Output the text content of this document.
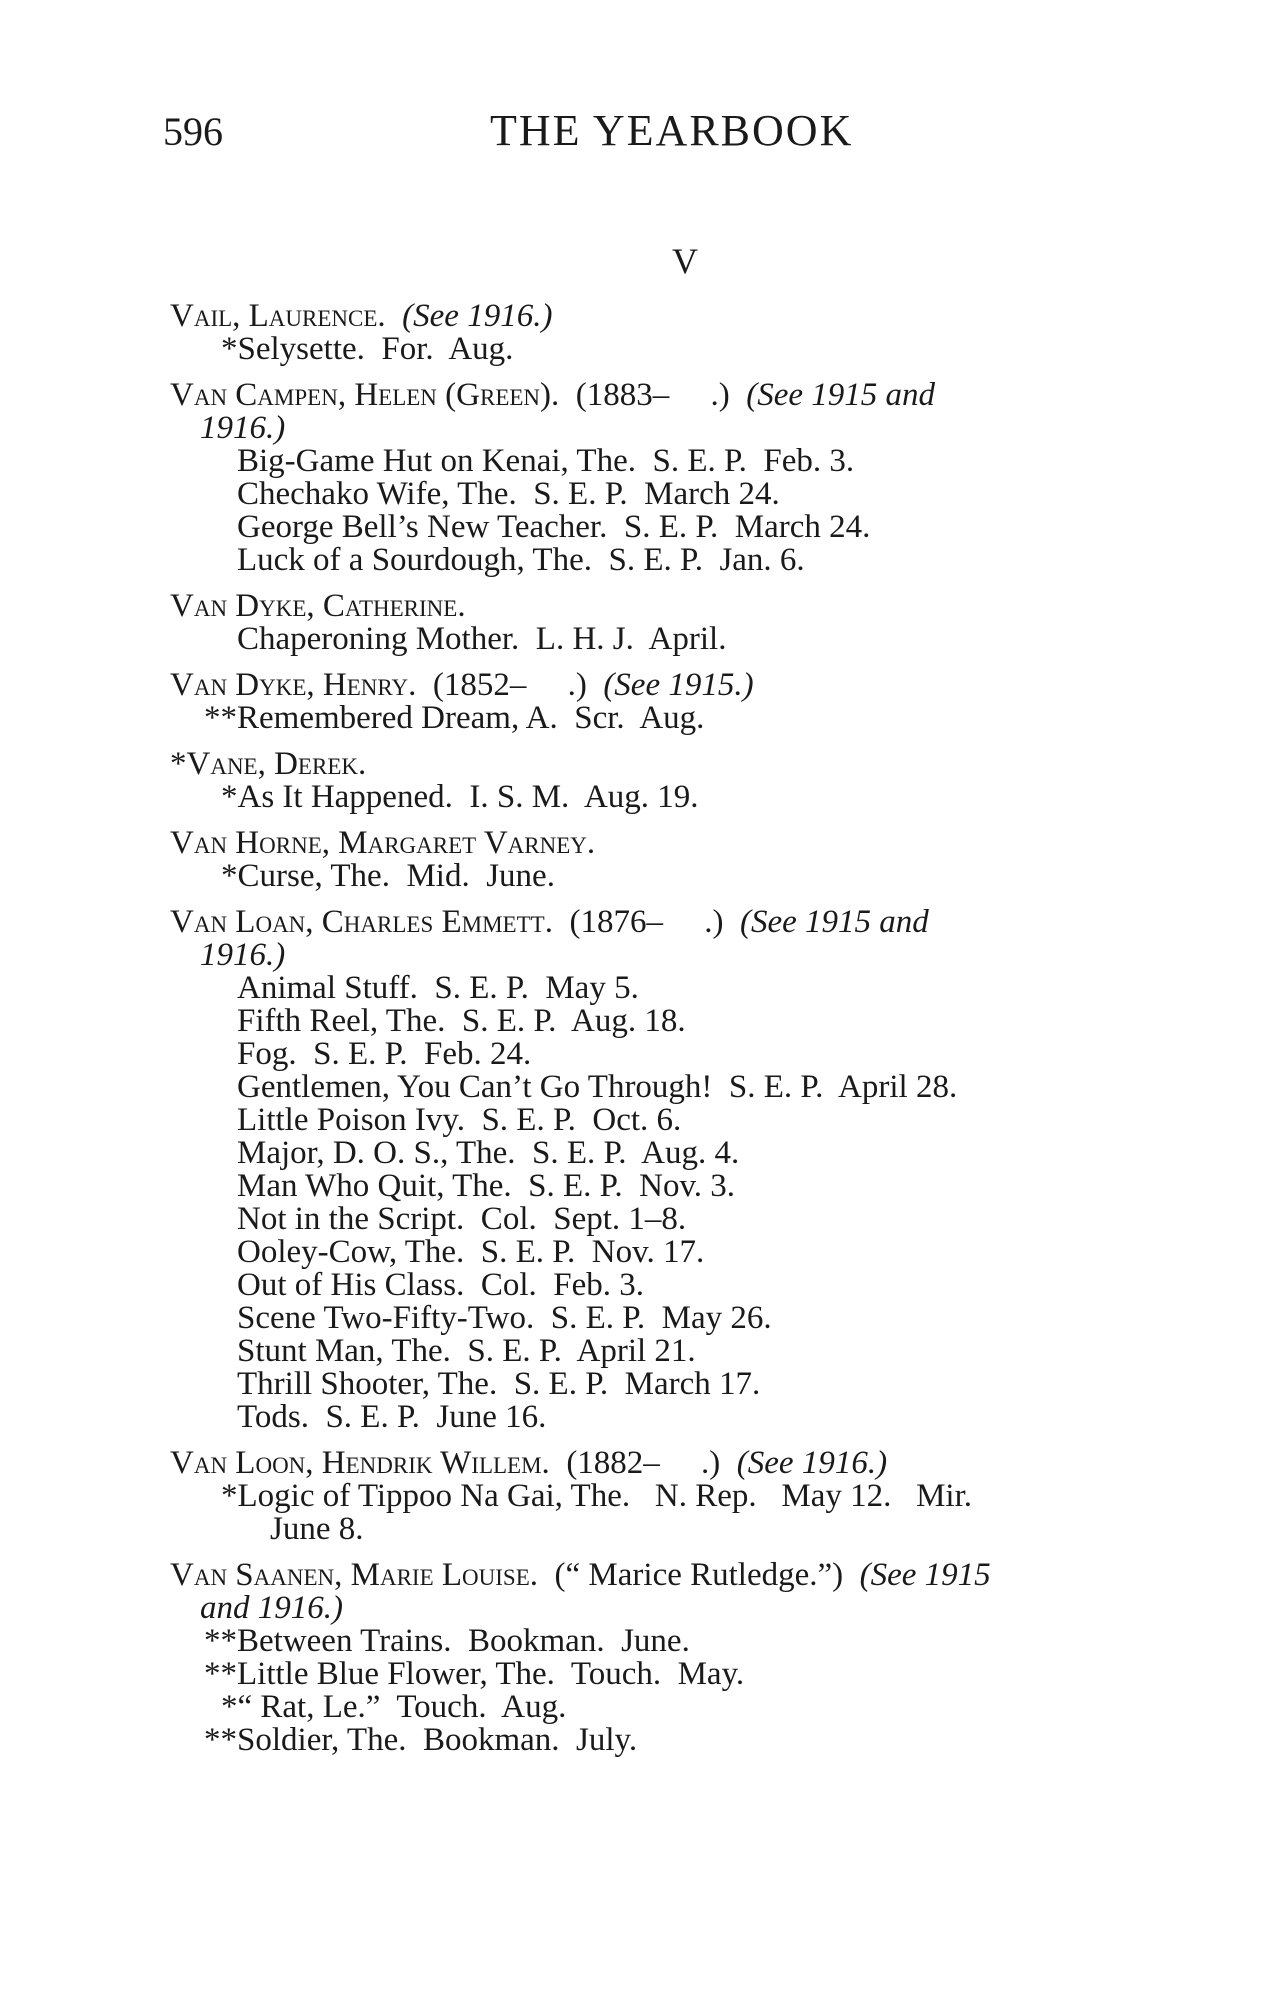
596	THE YEARBOOK
V
Vail, Laurence.  (See 1916.)
*Selysette.  For.  Aug.
Van Campen, Helen (Green).  (1883–     .)  (See 1915 and
1916.)
Big-Game Hut on Kenai, The.  S. E. P.  Feb. 3.
Chechako Wife, The.  S. E. P.  March 24.
George Bell’s New Teacher.  S. E. P.  March 24.
Luck of a Sourdough, The.  S. E. P.  Jan. 6.
Van Dyke, Catherine.
Chaperoning Mother.  L. H. J.  April.
Van Dyke, Henry.  (1852–     .)  (See 1915.)
**Remembered Dream, A.  Scr.  Aug.
*Vane, Derek.
*As It Happened.  I. S. M.  Aug. 19.
Van Horne, Margaret Varney.
*Curse, The.  Mid.  June.
Van Loan, Charles Emmett.  (1876–     .)  (See 1915 and
1916.)
Animal Stuff.  S. E. P.  May 5.
Fifth Reel, The.  S. E. P.  Aug. 18.
Fog.  S. E. P.  Feb. 24.
Gentlemen, You Can’t Go Through!  S. E. P.  April 28.
Little Poison Ivy.  S. E. P.  Oct. 6.
Major, D. O. S., The.  S. E. P.  Aug. 4.
Man Who Quit, The.  S. E. P.  Nov. 3.
Not in the Script.  Col.  Sept. 1–8.
Ooley-Cow, The.  S. E. P.  Nov. 17.
Out of His Class.  Col.  Feb. 3.
Scene Two-Fifty-Two.  S. E. P.  May 26.
Stunt Man, The.  S. E. P.  April 21.
Thrill Shooter, The.  S. E. P.  March 17.
Tods.  S. E. P.  June 16.
Van Loon, Hendrik Willem.  (1882–     .)  (See 1916.)
*Logic of Tippoo Na Gai, The.   N. Rep.   May 12.   Mir.
June 8.
Van Saanen, Marie Louise.  (“ Marice Rutledge.”)  (See 1915
and 1916.)
**Between Trains.  Bookman.  June.
**Little Blue Flower, The.  Touch.  May.
*“ Rat, Le.”  Touch.  Aug.
**Soldier, The.  Bookman.  July.
